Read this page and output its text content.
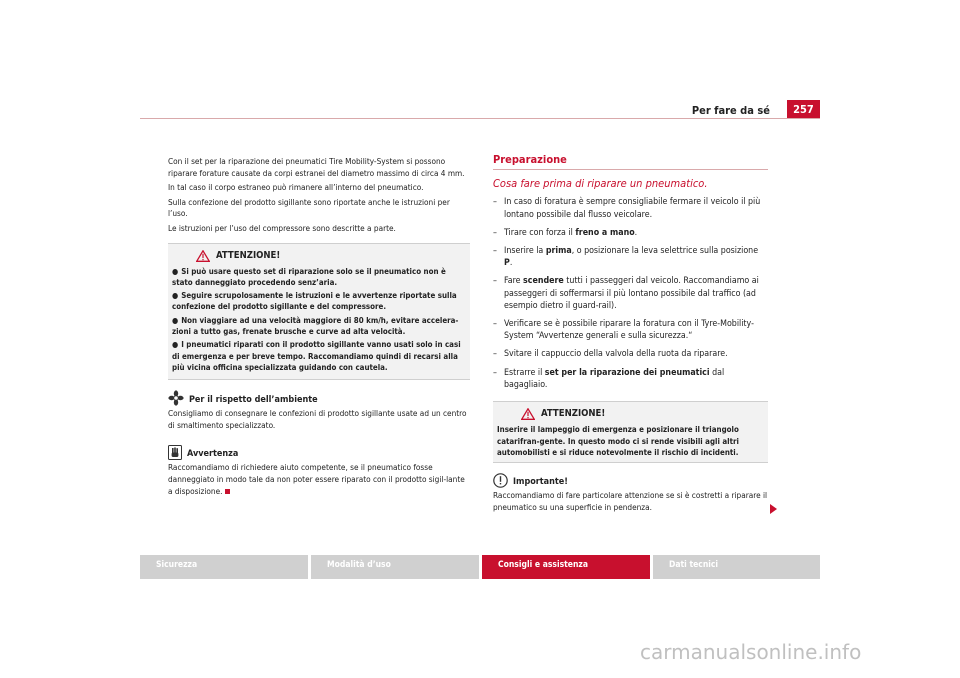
Per fare da sé	257

Con il set per la riparazione dei pneumatici Tire Mobility-System si possono riparare forature causate da corpi estranei del diametro massimo di circa 4 mm.

In tal caso il corpo estraneo può rimanere all’interno del pneumatico.

Sulla confezione del prodotto sigillante sono riportate anche le istruzioni per l’uso.

Le istruzioni per l’uso del compressore sono descritte a parte.

ATTENZIONE!

● Si può usare questo set di riparazione solo se il pneumatico non è stato danneggiato procedendo senz’aria.

● Seguire scrupolosamente le istruzioni e le avvertenze riportate sulla confezione del prodotto sigillante e del compressore.

● Non viaggiare ad una velocità maggiore di 80 km/h, evitare accelera-zioni a tutto gas, frenate brusche e curve ad alta velocità.

● I pneumatici riparati con il prodotto sigillante vanno usati solo in casi di emergenza e per breve tempo. Raccomandiamo quindi di recarsi alla più vicina officina specializzata guidando con cautela.

Per il rispetto dell’ambiente
Consigliamo di consegnare le confezioni di prodotto sigillante usate ad un centro di smaltimento specializzato.
Avvertenza
Raccomandiamo di richiedere aiuto competente, se il pneumatico fosse danneggiato in modo tale da non poter essere riparato con il prodotto sigil-lante a disposizione.
Preparazione
Cosa fare prima di riparare un pneumatico.
– In caso di foratura è sempre consigliabile fermare il veicolo il più lontano possibile dal flusso veicolare.
– Tirare con forza il freno a mano.
– Inserire la prima, o posizionare la leva selettrice sulla posizione P.
– Fare scendere tutti i passeggeri dal veicolo. Raccomandiamo ai passeggeri di soffermarsi il più lontano possibile dal traffico (ad esempio dietro il guard-rail).
– Verificare se è possibile riparare la foratura con il Tyre-Mobility-System “Avvertenze generali e sulla sicurezza.“
– Svitare il cappuccio della valvola della ruota da riparare.
– Estrarre il set per la riparazione dei pneumatici dal bagagliaio.
ATTENZIONE!
Inserire il lampeggio di emergenza e posizionare il triangolo catarifran-gente. In questo modo ci si rende visibili agli altri automobilisti e si riduce notevolmente il rischio di incidenti.
Importante!
Raccomandiamo di fare particolare attenzione se si è costretti a riparare il pneumatico su una superficie in pendenza.
Sicurezza	Modalità d’uso	Consigli e assistenza	Dati tecnici
carmanualsonline.info
